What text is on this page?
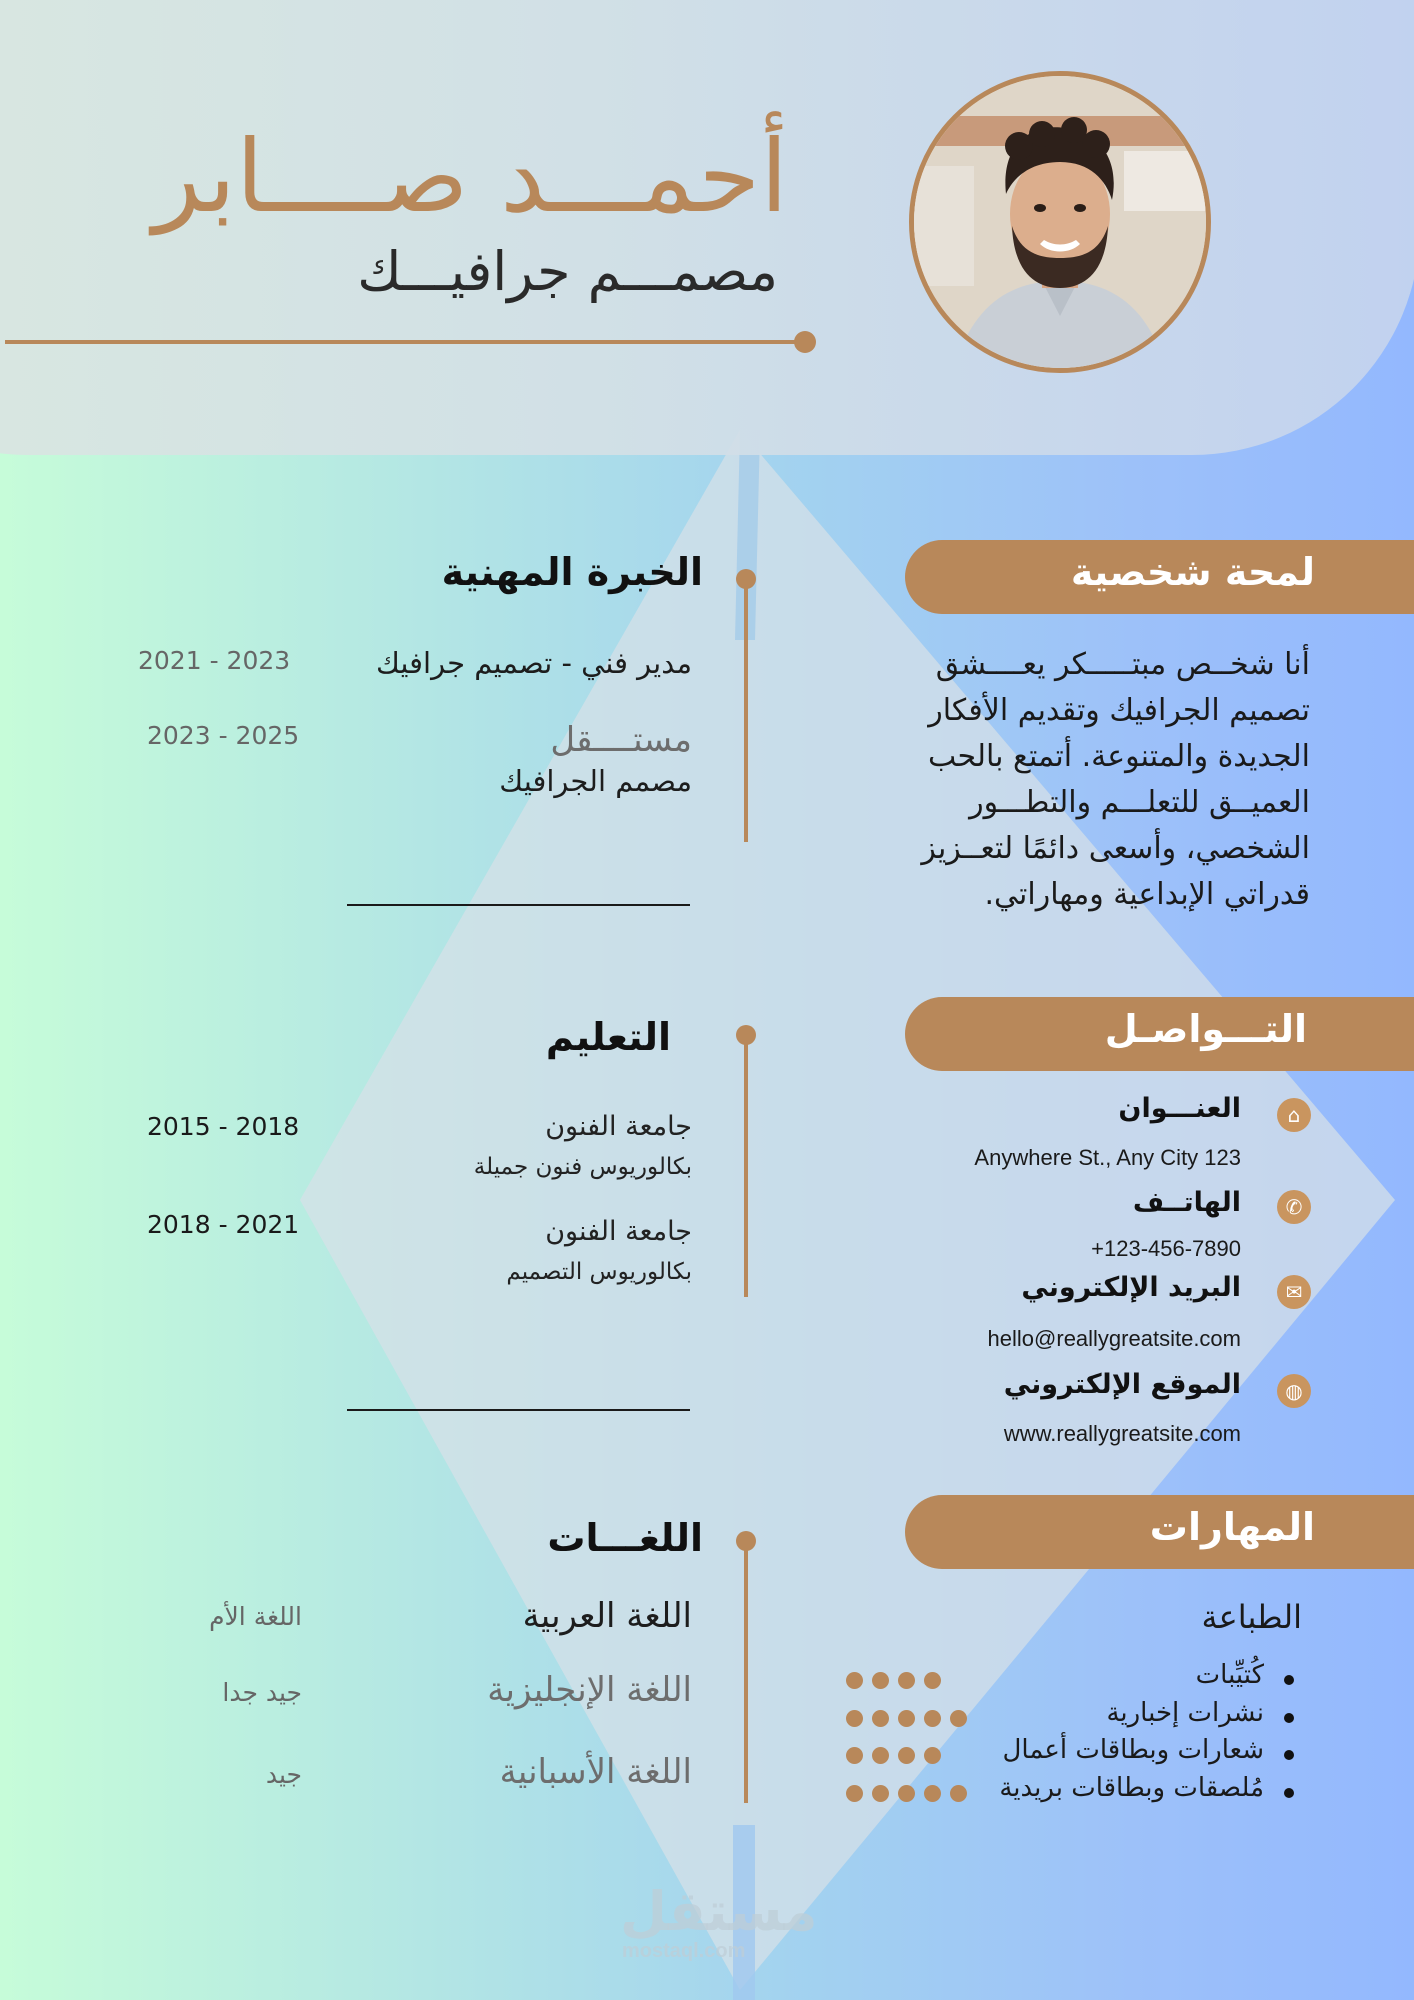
أحمـــد صــــابر
مصمـــم جرافيـــك
الخبرة المهنية
مدير فني - تصميم جرافيك
2021 - 2023
مستــــقل
مصمم الجرافيك
2023 - 2025
التعليم
جامعة الفنون
بكالوريوس فنون جميلة
2015 - 2018
جامعة الفنون
بكالوريوس التصميم
2018 - 2021
اللغـــات
اللغة العربية
اللغة الأم
اللغة الإنجليزية
جيد جدا
اللغة الأسبانية
جيد
لمحة شخصية
أنا شخــص مبتـــــكر يعــــشق تصميم الجرافيك وتقديم الأفكار الجديدة والمتنوعة. أتمتع بالحب العميــق للتعلـــم والتطـــور الشخصي، وأسعى دائمًا لتعــزيز قدراتي الإبداعية ومهاراتي.
التـــواصـل
⌂
العنـــوان
Anywhere St., Any City 123
✆
الهاتــف
+123-456-7890
✉
البريد الإلكتروني
hello@reallygreatsite.com
◍
الموقع الإلكتروني
www.reallygreatsite.com
المهارات
الطباعة
كُتيِّبات
نشرات إخبارية
شعارات وبطاقات أعمال
مُلصقات وبطاقات بريدية
مستقل
mostaql.com
